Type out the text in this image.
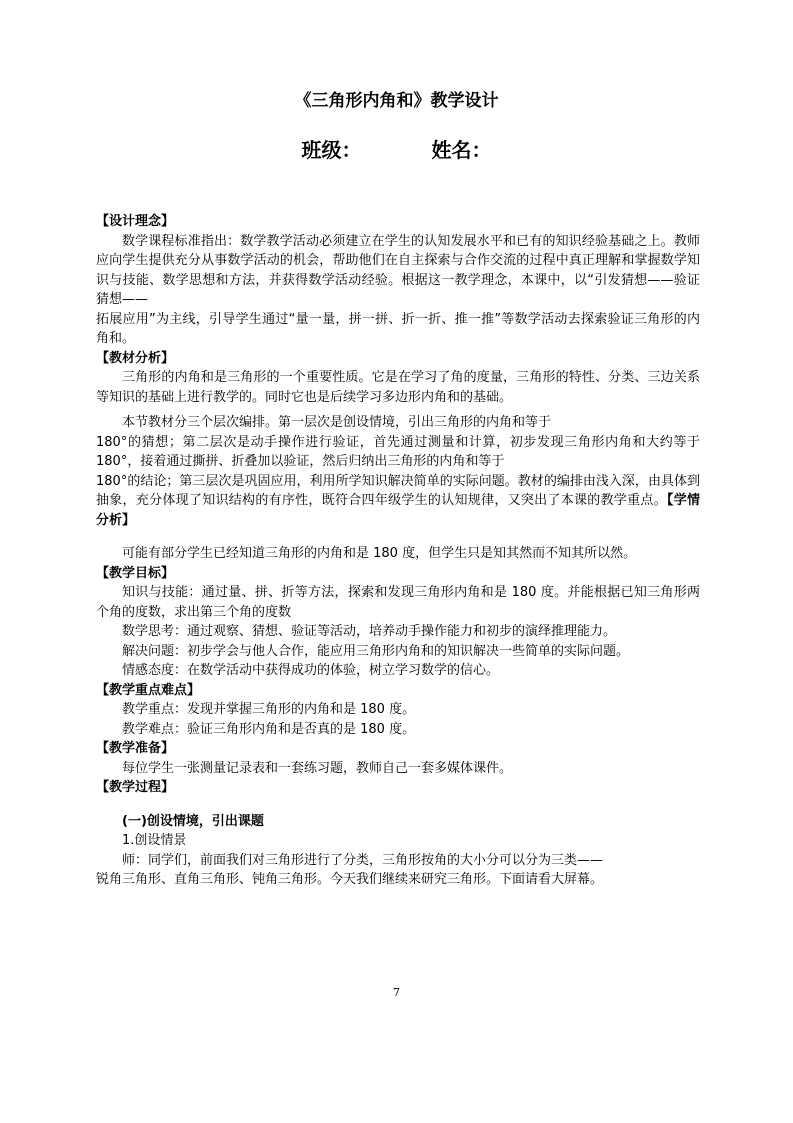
《三角形内角和》教学设计
班级：	姓名：

【设计理念】

数学课程标准指出：数学教学活动必须建立在学生的认知发展水平和已有的知识经验基础之上。教师应向学生提供充分从事数学活动的机会，帮助他们在自主探索与合作交流的过程中真正理解和掌握数学知识与技能、数学思想和方法，并获得数学活动经验。根据这一教学理念，本课中，以“引发猜想——验证猜想——

拓展应用”为主线，引导学生通过“量一量，拼一拼、折一折、推一推”等数学活动去探索验证三角形的内角和。

【教材分析】

三角形的内角和是三角形的一个重要性质。它是在学习了角的度量，三角形的特性、分类、三边关系等知识的基础上进行教学的。同时它也是后续学习多边形内角和的基础。

本节教材分三个层次编排。第一层次是创设情境，引出三角形的内角和等于

180°的猜想；第二层次是动手操作进行验证，首先通过测量和计算，初步发现三角形内角和大约等于 180°，接着通过撕拼、折叠加以验证，然后归纳出三角形的内角和等于

180°的结论；第三层次是巩固应用，利用所学知识解决简单的实际问题。教材的编排由浅入深，由具体到抽象，充分体现了知识结构的有序性，既符合四年级学生的认知规律，又突出了本课的教学重点。【学情分析】

可能有部分学生已经知道三角形的内角和是 180 度，但学生只是知其然而不知其所以然。

【教学目标】

知识与技能：通过量、拼、折等方法，探索和发现三角形内角和是 180 度。并能根据已知三角形两个角的度数，求出第三个角的度数

数学思考：通过观察、猜想、验证等活动，培养动手操作能力和初步的演绎推理能力。

解决问题：初步学会与他人合作，能应用三角形内角和的知识解决一些简单的实际问题。

情感态度：在数学活动中获得成功的体验，树立学习数学的信心。

【教学重点难点】

教学重点：发现并掌握三角形的内角和是 180 度。

教学难点：验证三角形内角和是否真的是 180 度。

【教学准备】

每位学生一张测量记录表和一套练习题，教师自己一套多媒体课件。

【教学过程】

(一)创设情境，引出课题

1.创设情景

师：同学们，前面我们对三角形进行了分类，三角形按角的大小分可以分为三类——

锐角三角形、直角三角形、钝角三角形。今天我们继续来研究三角形。下面请看大屏幕。

7
